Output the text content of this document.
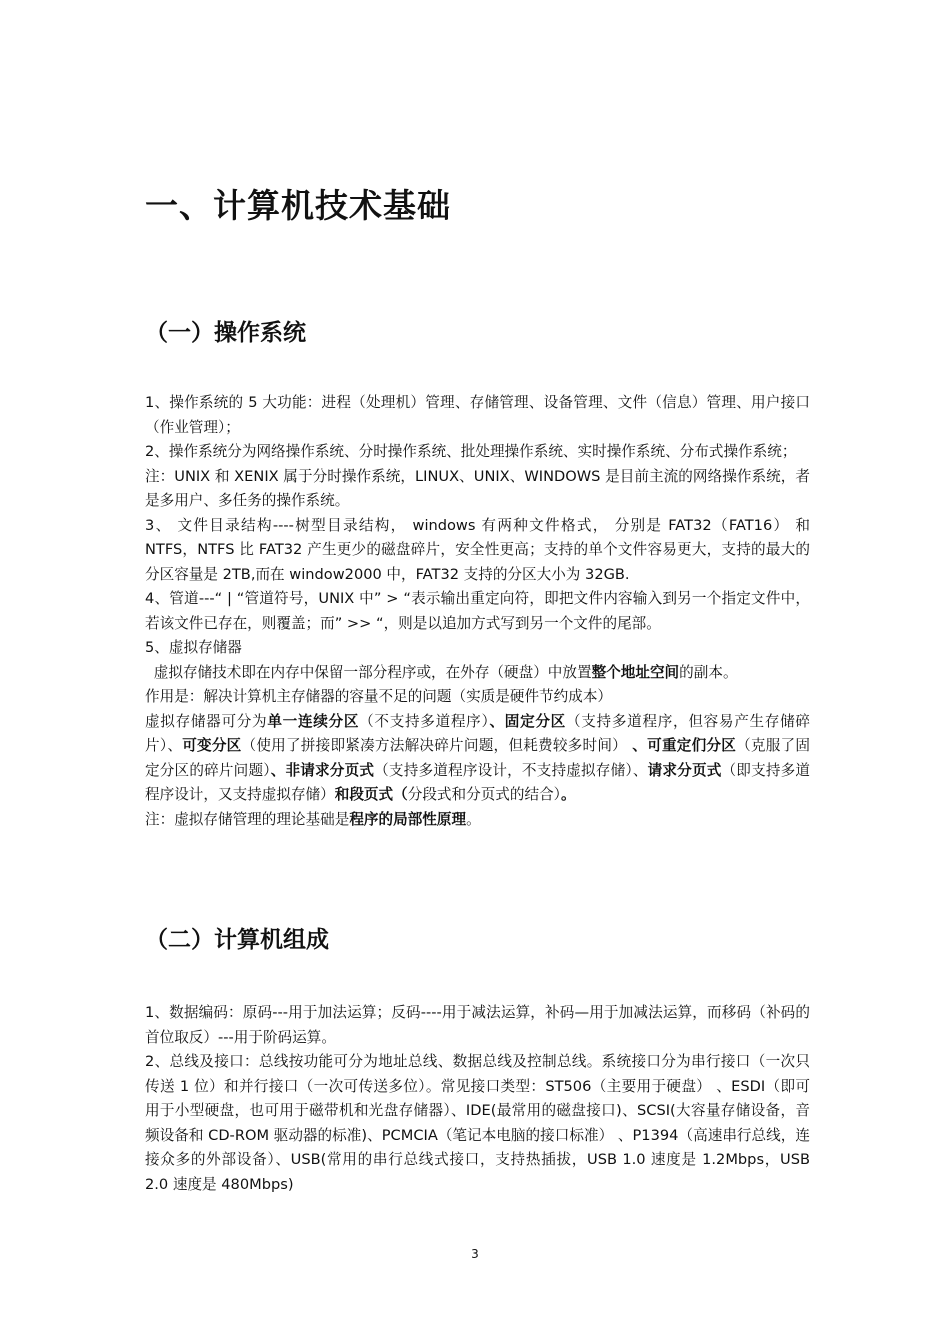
一、计算机技术基础
（一）操作系统

1、操作系统的 5 大功能：进程（处理机）管理、存储管理、设备管理、文件（信息）管理、用户接口（作业管理）；

2、操作系统分为网络操作系统、分时操作系统、批处理操作系统、实时操作系统、分布式操作系统；

注：UNIX 和 XENIX 属于分时操作系统，LINUX、UNIX、WINDOWS 是目前主流的网络操作系统，者是多用户、多任务的操作系统。

3、 文件目录结构----树型目录结构， windows 有两种文件格式， 分别是 FAT32（FAT16） 和 NTFS，NTFS 比 FAT32 产生更少的磁盘碎片，安全性更高；支持的单个文件容易更大，支持的最大的分区容量是 2TB,而在 window2000 中，FAT32 支持的分区大小为 32GB.

4、管道---“ | “管道符号，UNIX 中” > “表示输出重定向符，即把文件内容输入到另一个指定文件中，若该文件已存在，则覆盖；而” >> “，则是以追加方式写到另一个文件的尾部。

5、虚拟存储器

虚拟存储技术即在内存中保留一部分程序或，在外存（硬盘）中放置整个地址空间的副本。

作用是：解决计算机主存储器的容量不足的问题（实质是硬件节约成本）

虚拟存储器可分为单一连续分区（不支持多道程序）、固定分区（支持多道程序，但容易产生存储碎片）、可变分区（使用了拼接即紧凑方法解决碎片问题，但耗费较多时间） 、可重定们分区（克服了固定分区的碎片问题）、非请求分页式（支持多道程序设计，不支持虚拟存储）、请求分页式（即支持多道程序设计，又支持虚拟存储）和段页式（分段式和分页式的结合）。

注：虚拟存储管理的理论基础是程序的局部性原理。

（二）计算机组成

1、数据编码：原码---用于加法运算；反码----用于减法运算，补码—用于加减法运算，而移码（补码的首位取反）---用于阶码运算。

2、总线及接口：总线按功能可分为地址总线、数据总线及控制总线。系统接口分为串行接口（一次只传送 1 位）和并行接口（一次可传送多位）。常见接口类型：ST506（主要用于硬盘） 、ESDI（即可用于小型硬盘，也可用于磁带机和光盘存储器）、IDE(最常用的磁盘接口)、SCSI(大容量存储设备，音频设备和 CD-ROM 驱动器的标准)、PCMCIA（笔记本电脑的接口标准） 、P1394（高速串行总线，连接众多的外部设备）、USB(常用的串行总线式接口，支持热插拔，USB 1.0 速度是 1.2Mbps，USB 2.0 速度是 480Mbps)

3
